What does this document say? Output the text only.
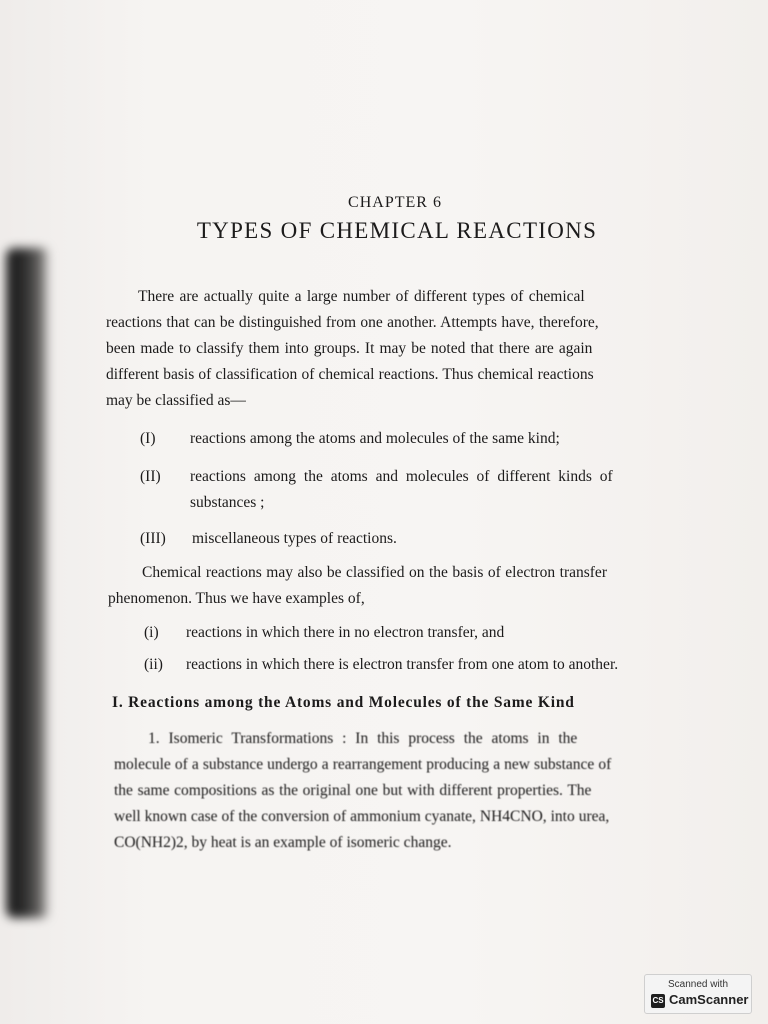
CHAPTER 6
TYPES OF CHEMICAL REACTIONS
There are actually quite a large number of different types of chemical
reactions that can be distinguished from one another. Attempts have, therefore,
been made to classify them into groups. It may be noted that there are again
different basis of classification of chemical reactions. Thus chemical reactions
may be classified as—
(I) reactions among the atoms and molecules of the same kind;
(II) reactions among the atoms and molecules of different kinds of
substances ;
(III) miscellaneous types of reactions.
Chemical reactions may also be classified on the basis of electron transfer
phenomenon. Thus we have examples of,
(i) reactions in which there in no electron transfer, and
(ii) reactions in which there is electron transfer from one atom to another.
I. Reactions among the Atoms and Molecules of the Same Kind
1. Isomeric Transformations : In this process the atoms in the
molecule of a substance undergo a rearrangement producing a new substance of
the same compositions as the original one but with different properties. The
well known case of the conversion of ammonium cyanate, NH4CNO, into urea,
CO(NH2)2, by heat is an example of isomeric change.
Scanned with
CS CamScanner
